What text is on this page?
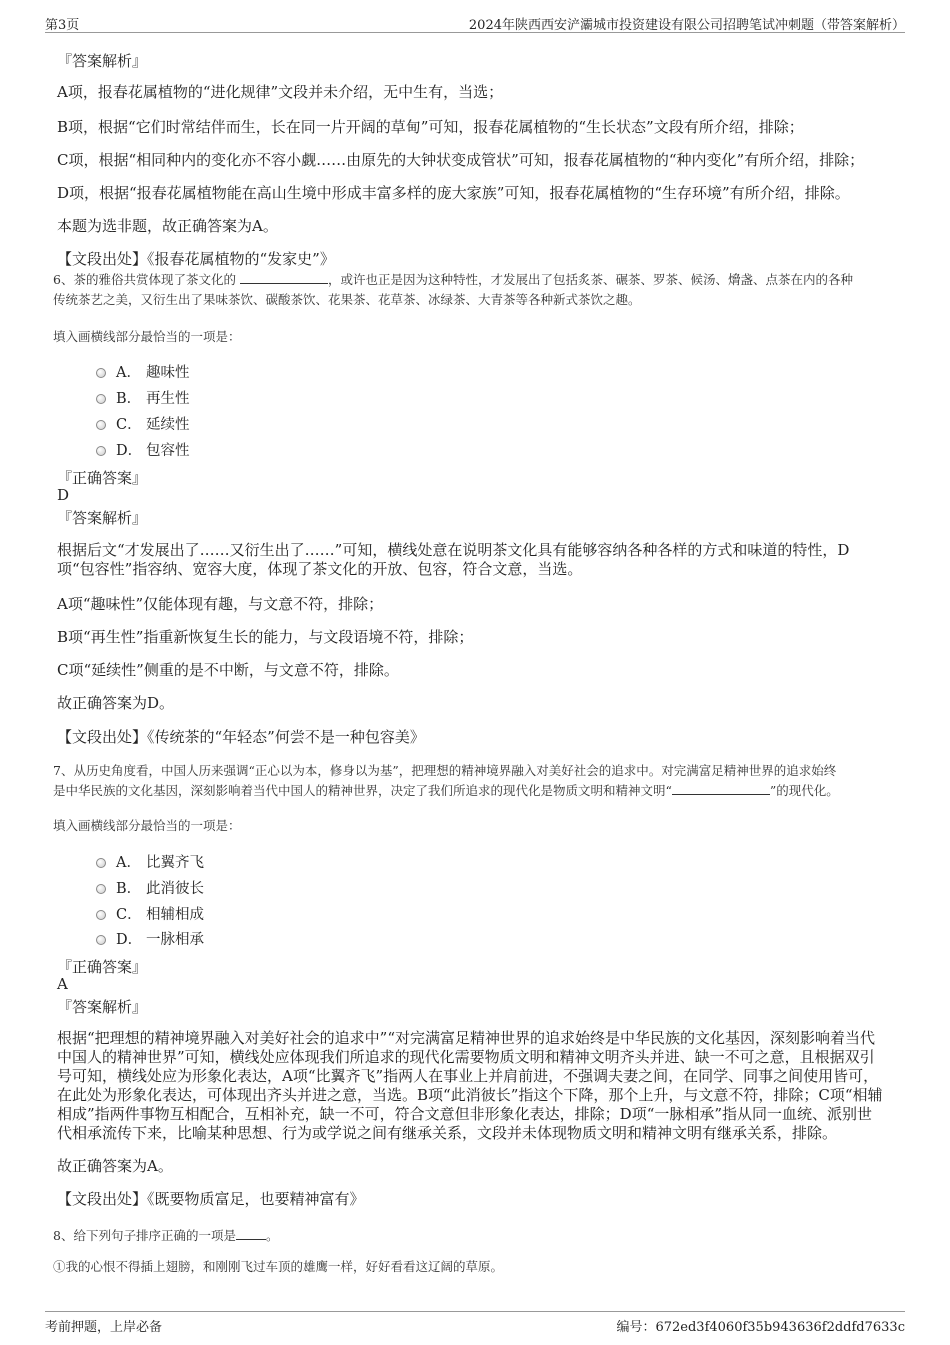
第3页	2024年陕西西安浐灞城市投资建设有限公司招聘笔试冲刺题（带答案解析）
『答案解析』
A项，报春花属植物的“进化规律”文段并未介绍，无中生有，当选；
B项，根据“它们时常结伴而生，长在同一片开阔的草甸”可知，报春花属植物的“生长状态”文段有所介绍，排除；
C项，根据“相同种内的变化亦不容小觑……由原先的大钟状变成管状”可知，报春花属植物的“种内变化”有所介绍，排除；
D项，根据“报春花属植物能在高山生境中形成丰富多样的庞大家族”可知，报春花属植物的“生存环境”有所介绍，排除。
本题为选非题，故正确答案为A。
【文段出处】《报春花属植物的“发家史”》
6、茶的雅俗共赏体现了茶文化的	，或许也正是因为这种特性，才发展出了包括炙茶、碾茶、罗茶、候汤、熁盏、点茶在内的各种
传统茶艺之美，又衍生出了果味茶饮、碳酸茶饮、花果茶、花草茶、冰绿茶、大青茶等各种新式茶饮之趣。
填入画横线部分最恰当的一项是：
A． 趣味性
B． 再生性
C． 延续性
D． 包容性
『正确答案』
D
『答案解析』
根据后文“才发展出了……又衍生出了……”可知，横线处意在说明茶文化具有能够容纳各种各样的方式和味道的特性，D
项“包容性”指容纳、宽容大度，体现了茶文化的开放、包容，符合文意，当选。
A项“趣味性”仅能体现有趣，与文意不符，排除；
B项“再生性”指重新恢复生长的能力，与文段语境不符，排除；
C项“延续性”侧重的是不中断，与文意不符，排除。
故正确答案为D。
【文段出处】《传统茶的“年轻态”何尝不是一种包容美》
7、从历史角度看，中国人历来强调“正心以为本，修身以为基”，把理想的精神境界融入对美好社会的追求中。对完满富足精神世界的追求始终
是中华民族的文化基因，深刻影响着当代中国人的精神世界，决定了我们所追求的现代化是物质文明和精神文明“	”的现代化。
填入画横线部分最恰当的一项是：
A． 比翼齐飞
B． 此消彼长
C． 相辅相成
D． 一脉相承
『正确答案』
A
『答案解析』
根据“把理想的精神境界融入对美好社会的追求中”“对完满富足精神世界的追求始终是中华民族的文化基因，深刻影响着当代
中国人的精神世界”可知，横线处应体现我们所追求的现代化需要物质文明和精神文明齐头并进、缺一不可之意，且根据双引
号可知，横线处应为形象化表达，A项“比翼齐飞”指两人在事业上并肩前进，不强调夫妻之间，在同学、同事之间使用皆可，
在此处为形象化表达，可体现出齐头并进之意，当选。B项“此消彼长”指这个下降，那个上升，与文意不符，排除；C项“相辅
相成”指两件事物互相配合，互相补充，缺一不可，符合文意但非形象化表达，排除；D项“一脉相承”指从同一血统、派别世
代相承流传下来，比喻某种思想、行为或学说之间有继承关系，文段并未体现物质文明和精神文明有继承关系，排除。
故正确答案为A。
【文段出处】《既要物质富足，也要精神富有》
8、给下列句子排序正确的一项是 。
①我的心恨不得插上翅膀，和刚刚飞过车顶的雄鹰一样，好好看看这辽阔的草原。
考前押题，上岸必备	编号：672ed3f4060f35b943636f2ddfd7633c
